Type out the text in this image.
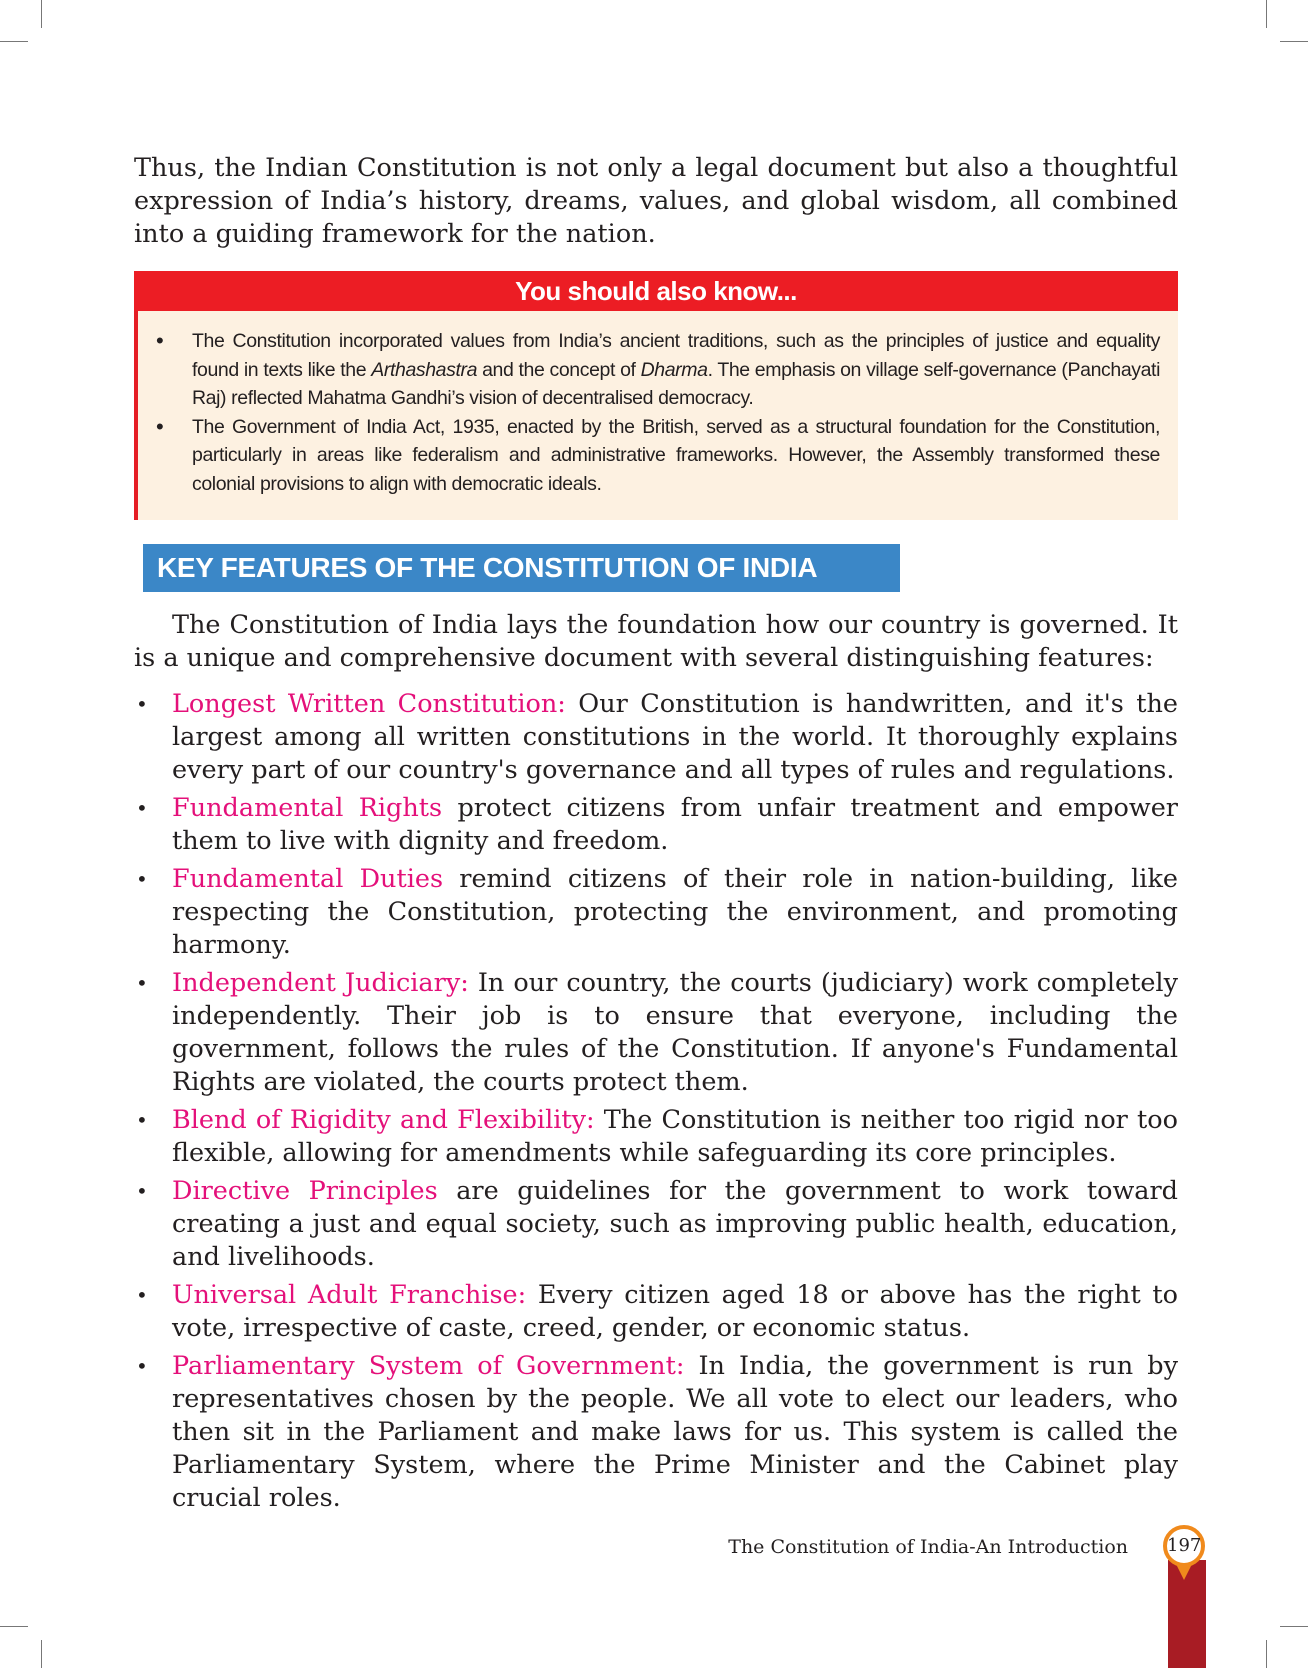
Thus, the Indian Constitution is not only a legal document but also a thoughtful expression of India’s history, dreams, values, and global wisdom, all combined into a guiding framework for the nation.

You should also know...
• The Constitution incorporated values from India’s ancient traditions, such as the principles of justice and equality found in texts like the Arthashastra and the concept of Dharma. The emphasis on village self-governance (Panchayati Raj) reflected Mahatma Gandhi’s vision of decentralised democracy.
• The Government of India Act, 1935, enacted by the British, served as a structural foundation for the Constitution, particularly in areas like federalism and administrative frameworks. However, the Assembly transformed these colonial provisions to align with democratic ideals.
KEY FEATURES OF THE CONSTITUTION OF INDIA

The Constitution of India lays the foundation how our country is governed. It is a unique and comprehensive document with several distinguishing features:

• Longest Written Constitution: Our Constitution is handwritten, and it's the largest among all written constitutions in the world. It thoroughly explains every part of our country's governance and all types of rules and regulations.
• Fundamental Rights protect citizens from unfair treatment and empower them to live with dignity and freedom.
• Fundamental Duties remind citizens of their role in nation-building, like respecting the Constitution, protecting the environment, and promoting harmony.
• Independent Judiciary: In our country, the courts (judiciary) work completely independently. Their job is to ensure that everyone, including the government, follows the rules of the Constitution. If anyone's Fundamental Rights are violated, the courts protect them.
• Blend of Rigidity and Flexibility: The Constitution is neither too rigid nor too flexible, allowing for amendments while safeguarding its core principles.
• Directive Principles are guidelines for the government to work toward creating a just and equal society, such as improving public health, education, and livelihoods.
• Universal Adult Franchise: Every citizen aged 18 or above has the right to vote, irrespective of caste, creed, gender, or economic status.
• Parliamentary System of Government: In India, the government is run by representatives chosen by the people. We all vote to elect our leaders, who then sit in the Parliament and make laws for us. This system is called the Parliamentary System, where the Prime Minister and the Cabinet play crucial roles.
The Constitution of India-An Introduction 197
